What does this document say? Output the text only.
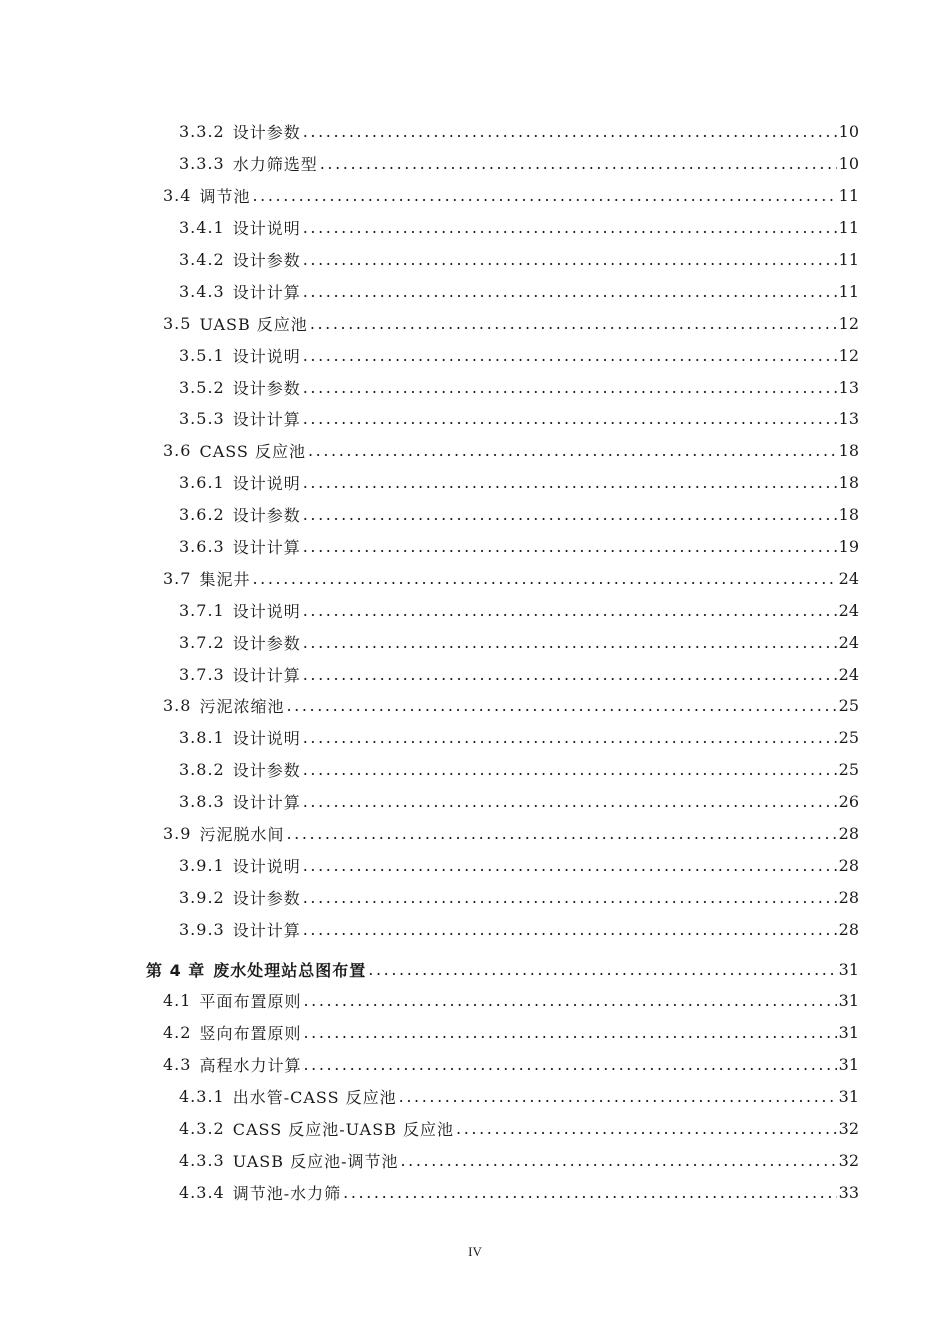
3.3.2 设计参数 .....	10
3.3.3 水力筛选型 .....	10
3.4 调节池 .....	11
3.4.1 设计说明 .....	11
3.4.2 设计参数 .....	11
3.4.3 设计计算 .....	11
3.5 UASB 反应池 .....	12
3.5.1 设计说明 .....	12
3.5.2 设计参数 .....	13
3.5.3 设计计算 .....	13
3.6 CASS 反应池 .....	18
3.6.1 设计说明 .....	18
3.6.2 设计参数 .....	18
3.6.3 设计计算 .....	19
3.7 集泥井 .....	24
3.7.1 设计说明 .....	24
3.7.2 设计参数 .....	24
3.7.3 设计计算 .....	24
3.8 污泥浓缩池 .....	25
3.8.1 设计说明 .....	25
3.8.2 设计参数 .....	25
3.8.3 设计计算 .....	26
3.9 污泥脱水间 .....	28
3.9.1 设计说明 .....	28
3.9.2 设计参数 .....	28
3.9.3 设计计算 .....	28
第 4 章 废水处理站总图布置 .....	31
4.1 平面布置原则 .....	31
4.2 竖向布置原则 .....	31
4.3 高程水力计算 .....	31
4.3.1 出水管-CASS 反应池 .....	31
4.3.2 CASS 反应池-UASB 反应池 .....	32
4.3.3 UASB 反应池-调节池 .....	32
4.3.4 调节池-水力筛 .....	33
IV
